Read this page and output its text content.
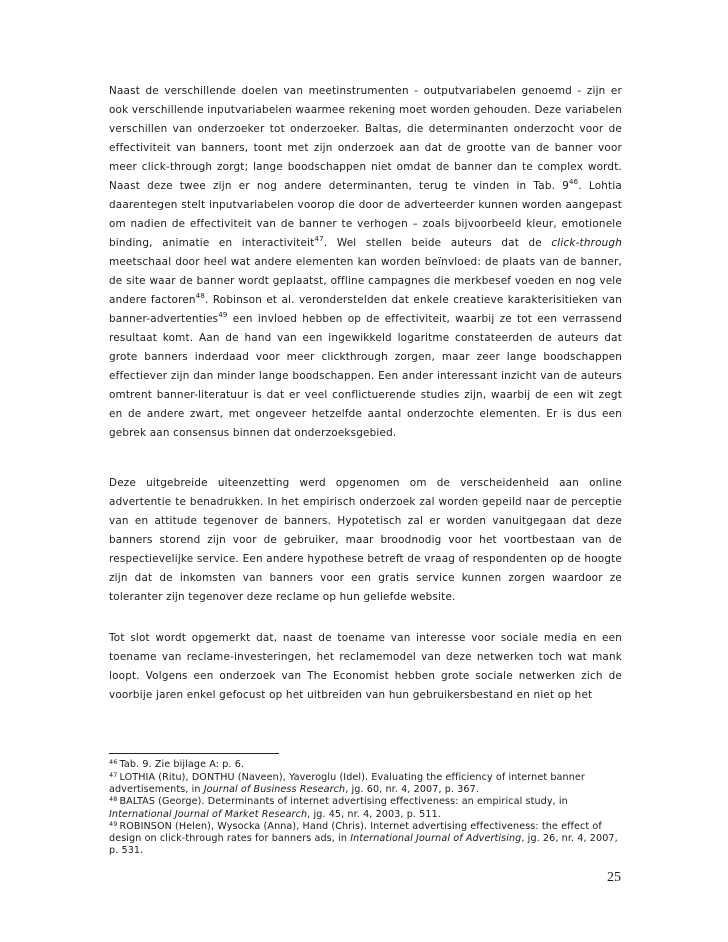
Naast de verschillende doelen van meetinstrumenten - outputvariabelen genoemd - zijn er ook verschillende inputvariabelen waarmee rekening moet worden gehouden. Deze variabelen verschillen van onderzoeker tot onderzoeker. Baltas, die determinanten onderzocht voor de effectiviteit van banners, toont met zijn onderzoek aan dat de grootte van de banner voor meer click-through zorgt; lange boodschappen niet omdat de banner dan te complex wordt. Naast deze twee zijn er nog andere determinanten, terug te vinden in Tab. $9^{46}$. Lohtia daarentegen stelt inputvariabelen voorop die door de adverteerder kunnen worden aangepast om nadien de effectiviteit van de banner te verhogen – zoals bijvoorbeeld kleur, emotionele binding, animatie en interactiviteit$^{47}$. Wel stellen beide auteurs dat de click-through meetschaal door heel wat andere elementen kan worden beïnvloed: de plaats van de banner, de site waar de banner wordt geplaatst, offline campagnes die merkbesef voeden en nog vele andere factoren$^{48}$. Robinson et al. veronderstelden dat enkele creatieve karakterisitieken van banner-advertenties$^{49}$ een invloed hebben op de effectiviteit, waarbij ze tot een verrassend resultaat komt. Aan de hand van een ingewikkeld logaritme constateerden de auteurs dat grote banners inderdaad voor meer clickthrough zorgen, maar zeer lange boodschappen effectiever zijn dan minder lange boodschappen. Een ander interessant inzicht van de auteurs omtrent banner-literatuur is dat er veel conflictuerende studies zijn, waarbij de een wit zegt en de andere zwart, met ongeveer hetzelfde aantal onderzochte elementen. Er is dus een gebrek aan consensus binnen dat onderzoeksgebied.

Deze uitgebreide uiteenzetting werd opgenomen om de verscheidenheid aan online advertentie te benadrukken. In het empirisch onderzoek zal worden gepeild naar de perceptie van en attitude tegenover de banners. Hypotetisch zal er worden vanuitgegaan dat deze banners storend zijn voor de gebruiker, maar broodnodig voor het voortbestaan van de respectievelijke service. Een andere hypothese betreft de vraag of respondenten op de hoogte zijn dat de inkomsten van banners voor een gratis service kunnen zorgen waardoor ze toleranter zijn tegenover deze reclame op hun geliefde website.

Tot slot wordt opgemerkt dat, naast de toename van interesse voor sociale media en een toename van reclame-investeringen, het reclamemodel van deze netwerken toch wat mank loopt. Volgens een onderzoek van The Economist hebben grote sociale netwerken zich de voorbije jaren enkel gefocust op het uitbreiden van hun gebruikersbestand en niet op het

$^{46}$ Tab. 9. Zie bijlage A: p. 6.

$^{47}$ LOTHIA (Ritu), DONTHU (Naveen), Yaveroglu (Idel). Evaluating the efficiency of internet banner advertisements, in Journal of Business Research, jg. 60, nr. 4, 2007, p. 367.

$^{48}$ BALTAS (George). Determinants of internet advertising effectiveness: an empirical study, in International Journal of Market Research, jg. 45, nr. 4, 2003, p. 511.

$^{49}$ ROBINSON (Helen), Wysocka (Anna), Hand (Chris). Internet advertising effectiveness: the effect of design on click-through rates for banners ads, in International Journal of Advertising, jg. 26, nr. 4, 2007, p. 531.

25
